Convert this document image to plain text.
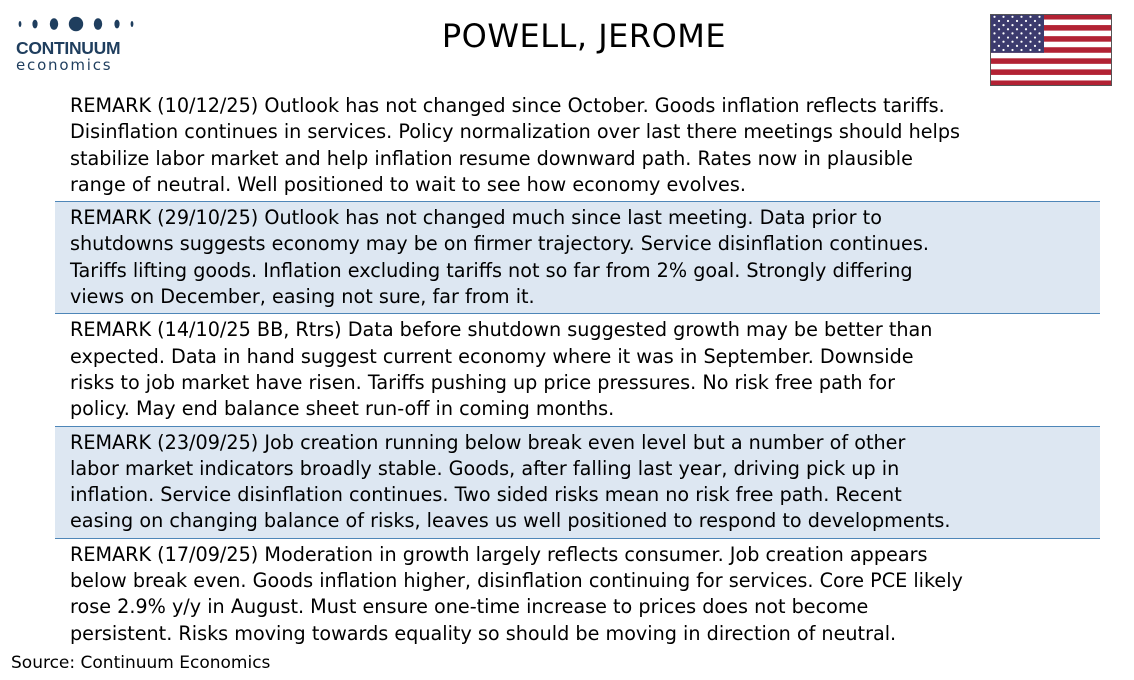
CONTINUUM
economics
POWELL, JEROME
REMARK (10/12/25) Outlook has not changed since October. Goods inflation reflects tariffs.
Disinflation continues in services. Policy normalization over last there meetings should helps
stabilize labor market and help inflation resume downward path. Rates now in plausible
range of neutral. Well positioned to wait to see how economy evolves.
REMARK (29/10/25) Outlook has not changed much since last meeting. Data prior to
shutdowns suggests economy may be on firmer trajectory. Service disinflation continues.
Tariffs lifting goods. Inflation excluding tariffs not so far from 2% goal. Strongly differing
views on December, easing not sure, far from it.
REMARK (14/10/25 BB, Rtrs) Data before shutdown suggested growth may be better than
expected. Data in hand suggest current economy where it was in September. Downside
risks to job market have risen. Tariffs pushing up price pressures. No risk free path for
policy. May end balance sheet run-off in coming months.
REMARK (23/09/25) Job creation running below break even level but a number of other
labor market indicators broadly stable. Goods, after falling last year, driving pick up in
inflation. Service disinflation continues. Two sided risks mean no risk free path. Recent
easing on changing balance of risks, leaves us well positioned to respond to developments.
REMARK (17/09/25) Moderation in growth largely reflects consumer. Job creation appears
below break even. Goods inflation higher, disinflation continuing for services. Core PCE likely
rose 2.9% y/y in August. Must ensure one-time increase to prices does not become
persistent. Risks moving towards equality so should be moving in direction of neutral.
Source: Continuum Economics
